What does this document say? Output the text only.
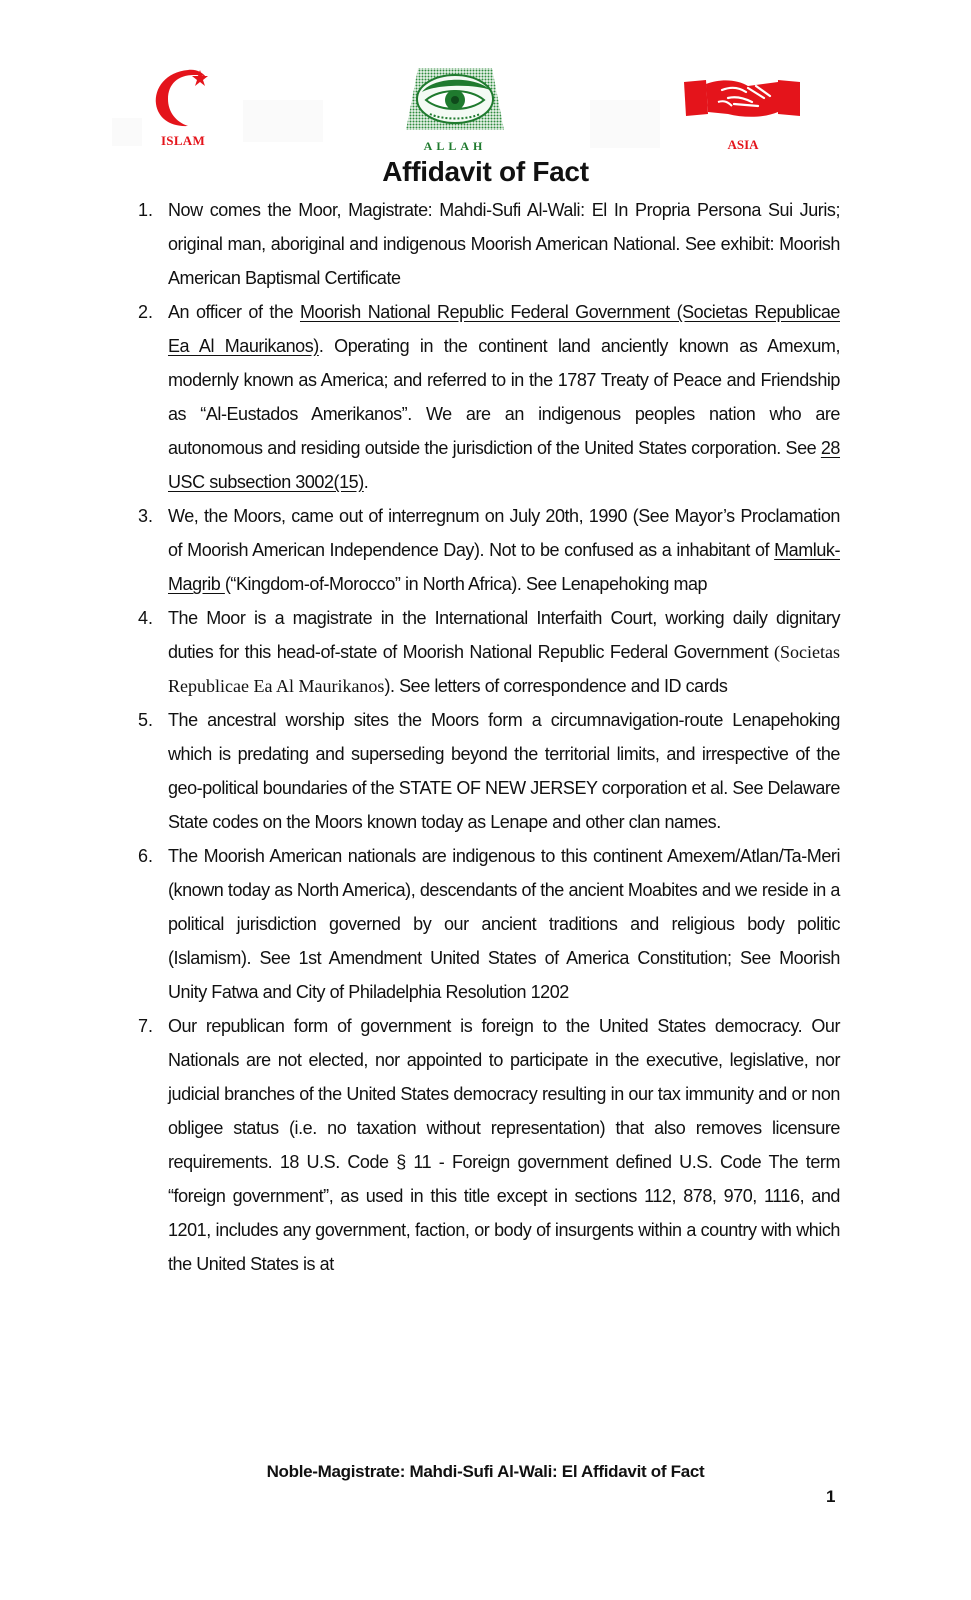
ISLAM	ALLAH	ASIA
Affidavit of Fact
1. Now comes the Moor, Magistrate: Mahdi-Sufi Al-Wali: El In Propria Persona Sui Juris; original man, aboriginal and indigenous Moorish American National. See exhibit: Moorish American Baptismal Certificate
2. An officer of the Moorish National Republic Federal Government (Societas Republicae Ea Al Maurikanos). Operating in the continent land anciently known as Amexum, modernly known as America; and referred to in the 1787 Treaty of Peace and Friendship as “Al-Eustados Amerikanos”. We are an indigenous peoples nation who are autonomous and residing outside the jurisdiction of the United States corporation. See 28 USC subsection 3002(15).
3. We, the Moors, came out of interregnum on July 20th, 1990 (See Mayor’s Proclamation of Moorish American Independence Day). Not to be confused as a inhabitant of Mamluk-Magrib (“Kingdom-of-Morocco” in North Africa). See Lenapehoking map
4. The Moor is a magistrate in the International Interfaith Court, working daily dignitary duties for this head-of-state of Moorish National Republic Federal Government (Societas Republicae Ea Al Maurikanos). See letters of correspondence and ID cards
5. The ancestral worship sites the Moors form a circumnavigation-route Lenapehoking which is predating and superseding beyond the territorial limits, and irrespective of the geo-political boundaries of the STATE OF NEW JERSEY corporation et al. See Delaware State codes on the Moors known today as Lenape and other clan names.
6. The Moorish American nationals are indigenous to this continent Amexem/Atlan/Ta-Meri (known today as North America), descendants of the ancient Moabites and we reside in a political jurisdiction governed by our ancient traditions and religious body politic (Islamism). See 1st Amendment United States of America Constitution; See Moorish Unity Fatwa and City of Philadelphia Resolution 1202
7. Our republican form of government is foreign to the United States democracy. Our Nationals are not elected, nor appointed to participate in the executive, legislative, nor judicial branches of the United States democracy resulting in our tax immunity and or non obligee status (i.e. no taxation without representation) that also removes licensure requirements. 18 U.S. Code § 11 - Foreign government defined U.S. Code The term “foreign government”, as used in this title except in sections 112, 878, 970, 1116, and 1201, includes any government, faction, or body of insurgents within a country with which the United States is at
Noble-Magistrate: Mahdi-Sufi Al-Wali: El Affidavit of Fact
1
